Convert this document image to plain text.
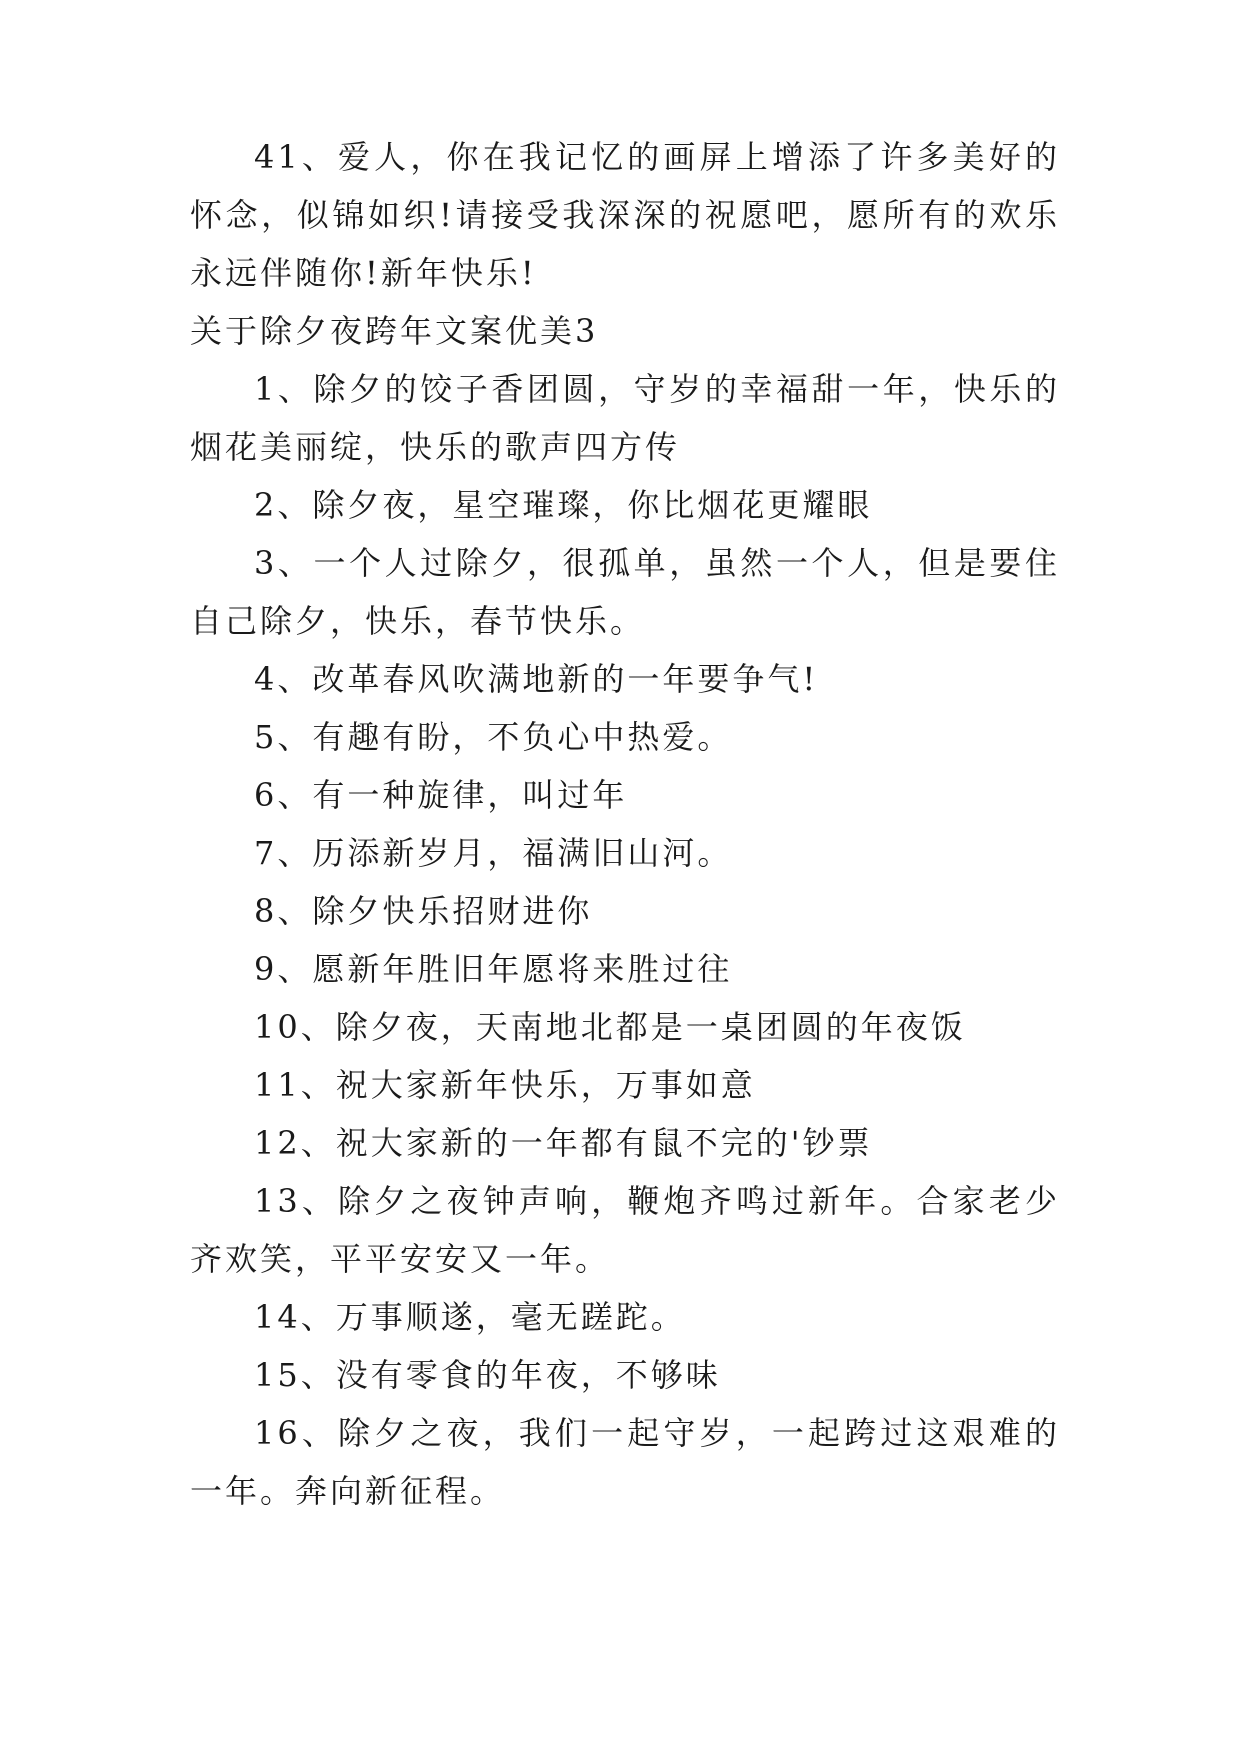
41、爱人，你在我记忆的画屏上增添了许多美好的怀念，似锦如织!请接受我深深的祝愿吧，愿所有的欢乐永远伴随你!新年快乐!

关于除夕夜跨年文案优美3

1、除夕的饺子香团圆，守岁的幸福甜一年，快乐的烟花美丽绽，快乐的歌声四方传

2、除夕夜，星空璀璨，你比烟花更耀眼

3、一个人过除夕，很孤单，虽然一个人，但是要住自己除夕，快乐，春节快乐。

4、改革春风吹满地新的一年要争气!

5、有趣有盼，不负心中热爱。

6、有一种旋律，叫过年

7、历添新岁月，福满旧山河。

8、除夕快乐招财进你

9、愿新年胜旧年愿将来胜过往

10、除夕夜，天南地北都是一桌团圆的年夜饭

11、祝大家新年快乐，万事如意

12、祝大家新的一年都有鼠不完的'钞票

13、除夕之夜钟声响，鞭炮齐鸣过新年。合家老少齐欢笑，平平安安又一年。

14、万事顺遂，毫无蹉跎。

15、没有零食的年夜，不够味

16、除夕之夜，我们一起守岁，一起跨过这艰难的一年。奔向新征程。
